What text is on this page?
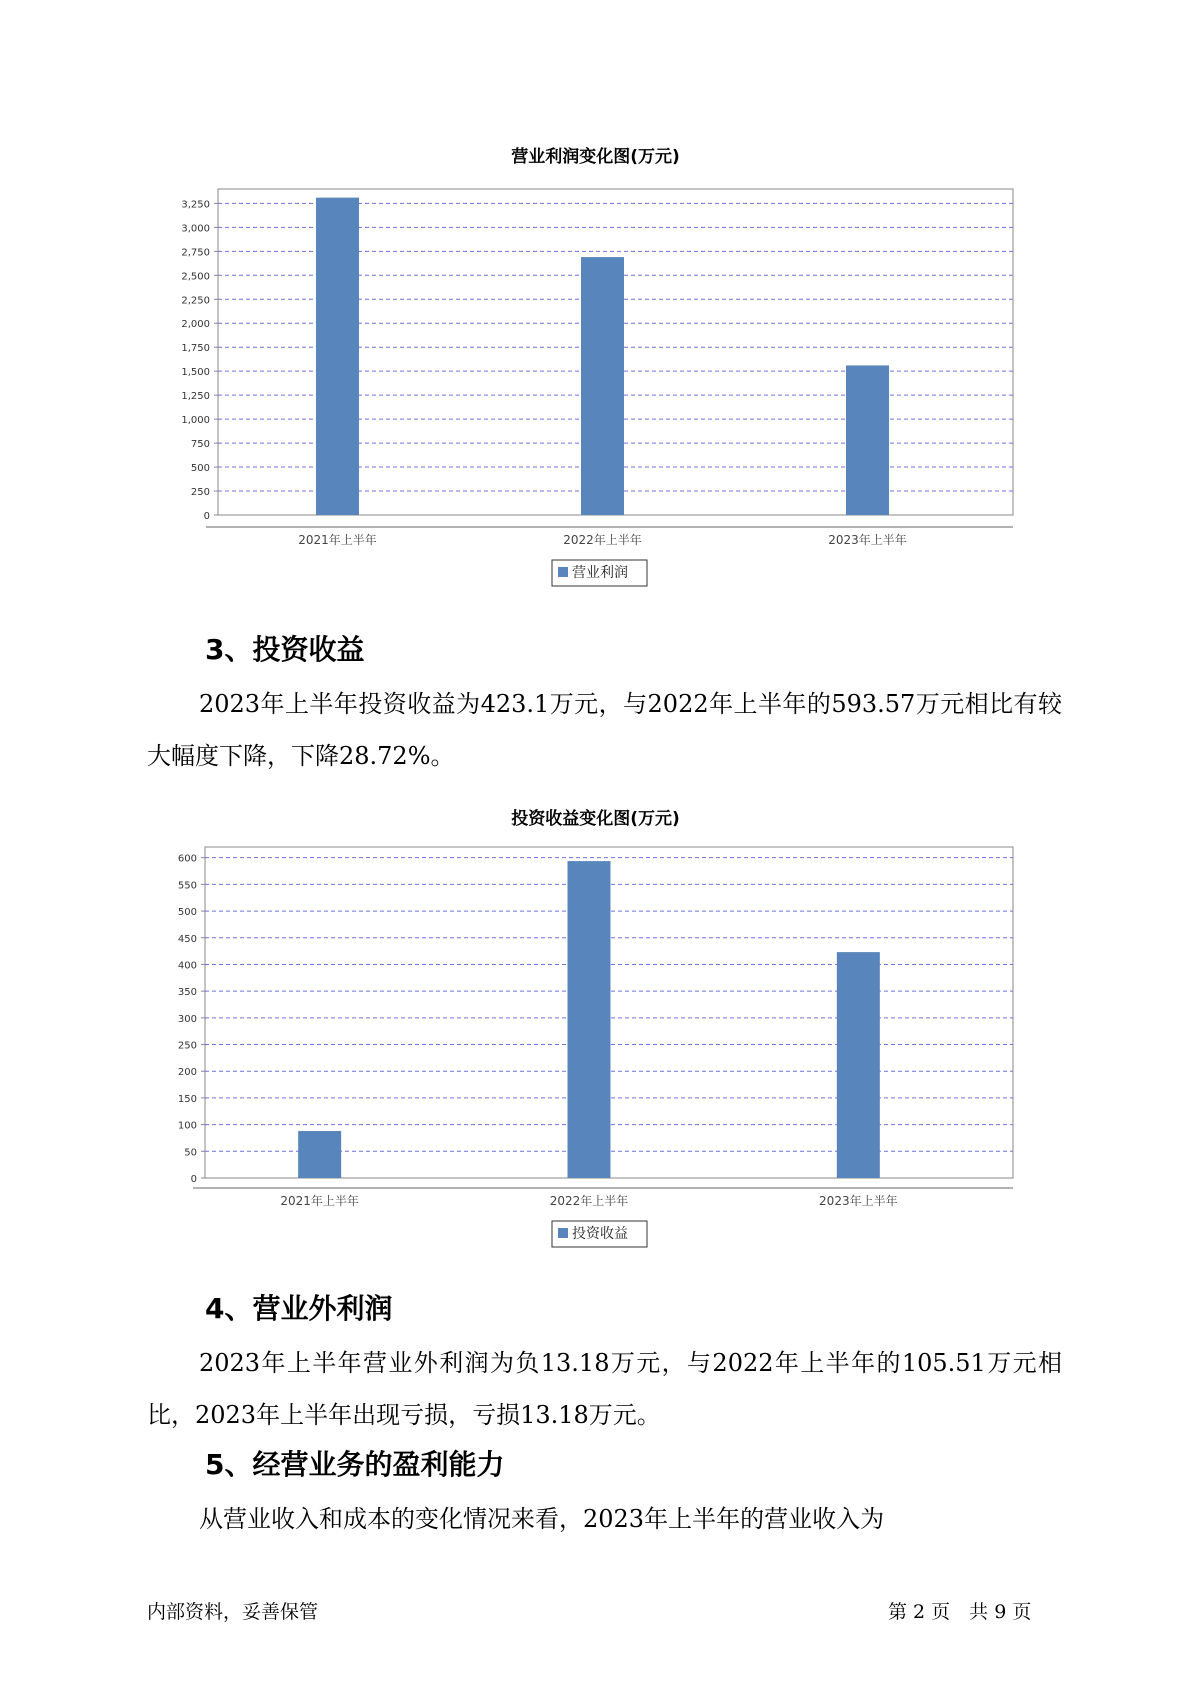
营业利润变化图(万元)
0
250
500
750
1,000
1,250
1,500
1,750
2,000
2,250
2,500
2,750
3,000
3,250
2021年上半年	2022年上半年	2023年上半年
营业利润
3、投资收益
2023年上半年投资收益为423.1万元，与2022年上半年的593.57万元相比有较大幅度下降，下降28.72%。
投资收益变化图(万元)
0
50
100
150
200
250
300
350
400
450
500
550
600
2021年上半年	2022年上半年	2023年上半年
投资收益
4、营业外利润
2023年上半年营业外利润为负13.18万元，与2022年上半年的105.51万元相比，2023年上半年出现亏损，亏损13.18万元。
5、经营业务的盈利能力
从营业收入和成本的变化情况来看，2023年上半年的营业收入为
内部资料，妥善保管	第 2 页　共 9 页
